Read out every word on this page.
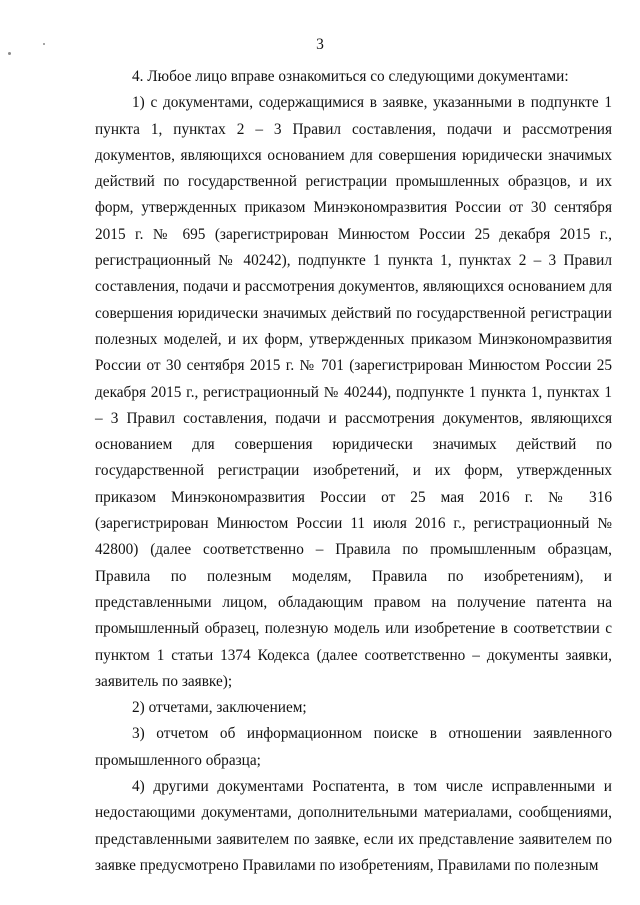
3

4. Любое лицо вправе ознакомиться со следующими документами:

1) с документами, содержащимися в заявке, указанными в подпункте 1 пункта 1, пунктах 2 – 3 Правил составления, подачи и рассмотрения документов, являющихся основанием для совершения юридически значимых действий по государственной регистрации промышленных образцов, и их форм, утвержденных приказом Минэкономразвития России от 30 сентября 2015 г. № 695 (зарегистрирован Минюстом России 25 декабря 2015 г., регистрационный № 40242), подпункте 1 пункта 1, пунктах 2 – 3 Правил составления, подачи и рассмотрения документов, являющихся основанием для совершения юридически значимых действий по государственной регистрации полезных моделей, и их форм, утвержденных приказом Минэкономразвития России от 30 сентября 2015 г. № 701 (зарегистрирован Минюстом России 25 декабря 2015 г., регистрационный № 40244), подпункте 1 пункта 1, пунктах 1 – 3 Правил составления, подачи и рассмотрения документов, являющихся основанием для совершения юридически значимых действий по государственной регистрации изобретений, и их форм, утвержденных приказом Минэкономразвития России от 25 мая 2016 г. № 316 (зарегистрирован Минюстом России 11 июля 2016 г., регистрационный № 42800) (далее соответственно – Правила по промышленным образцам, Правила по полезным моделям, Правила по изобретениям), и представленными лицом, обладающим правом на получение патента на промышленный образец, полезную модель или изобретение в соответствии с пунктом 1 статьи 1374 Кодекса (далее соответственно – документы заявки, заявитель по заявке);

2) отчетами, заключением;

3) отчетом об информационном поиске в отношении заявленного промышленного образца;

4) другими документами Роспатента, в том числе исправленными и недостающими документами, дополнительными материалами, сообщениями, представленными заявителем по заявке, если их представление заявителем по заявке предусмотрено Правилами по изобретениям, Правилами по полезным
